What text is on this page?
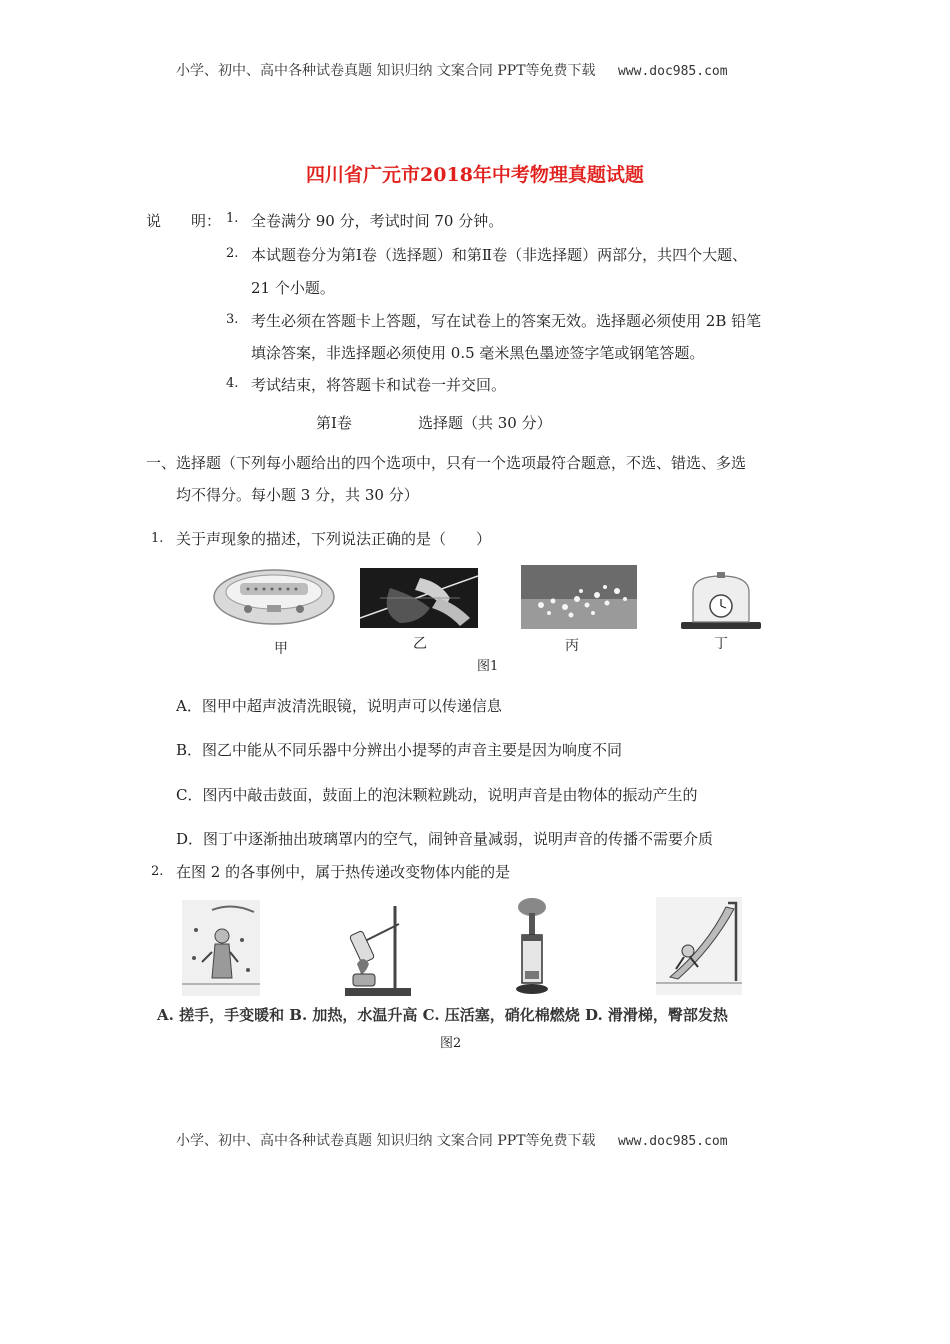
小学、初中、高中各种试卷真题 知识归纳 文案合同 PPT等免费下载 www.doc985.com
四川省广元市2018年中考物理真题试题
说　　明： 1. 全卷满分 90 分，考试时间 70 分钟。
2. 本试题卷分为第Ⅰ卷（选择题）和第Ⅱ卷（非选择题）两部分，共四个大题、
21 个小题。
3. 考生必须在答题卡上答题，写在试卷上的答案无效。选择题必须使用 2B 铅笔
填涂答案，非选择题必须使用 0.5 毫米黑色墨迹签字笔或钢笔答题。
4. 考试结束，将答题卡和试卷一并交回。
第Ⅰ卷	选择题（共 30 分）
一、选择题（下列每小题给出的四个选项中，只有一个选项最符合题意，不选、错选、多选
均不得分。每小题 3 分，共 30 分）
1. 关于声现象的描述，下列说法正确的是（　　）
甲	乙	丙	丁
图1
A．图甲中超声波清洗眼镜，说明声可以传递信息
B．图乙中能从不同乐器中分辨出小提琴的声音主要是因为响度不同
C．图丙中敲击鼓面，鼓面上的泡沫颗粒跳动，说明声音是由物体的振动产生的
D．图丁中逐渐抽出玻璃罩内的空气，闹钟音量减弱，说明声音的传播不需要介质
2. 在图 2 的各事例中，属于热传递改变物体内能的是
A. 搓手，手变暖和 B. 加热，水温升高 C. 压活塞，硝化棉燃烧 D. 滑滑梯，臀部发热
图2
小学、初中、高中各种试卷真题 知识归纳 文案合同 PPT等免费下载 www.doc985.com
